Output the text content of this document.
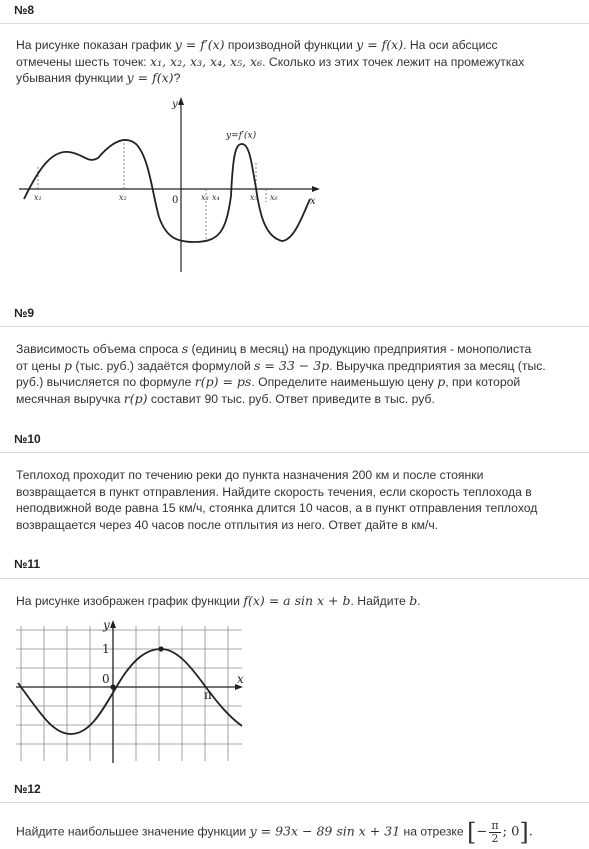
№8
На рисунке показан график y = f′(x) производной функции y = f(x). На оси абсцисс
отмечены шесть точек: x₁, x₂, x₃, x₄, x₅, x₆. Сколько из этих точек лежит на промежутках
убывания функции y = f(x)?
y
x
0
y=f′(x)
x₁	x₂	x₃ x₄	x₅ x₆
№9
Зависимость объема спроса s (единиц в месяц) на продукцию предприятия - монополиста
от цены p (тыс. руб.) задаётся формулой s = 33 − 3p. Выручка предприятия за месяц (тыс.
руб.) вычисляется по формуле r(p) = ps. Определите наименьшую цену p, при которой
месячная выручка r(p) составит 90 тыс. руб. Ответ приведите в тыс. руб.
№10
Теплоход проходит по течению реки до пункта назначения 200 км и после стоянки
возвращается в пункт отправления. Найдите скорость течения, если скорость теплохода в
неподвижной воде равна 15 км/ч, стоянка длится 10 часов, а в пункт отправления теплоход
возвращается через 40 часов после отплытия из него. Ответ дайте в км/ч.
№11
На рисунке изображен график функции f(x) = a sin x + b. Найдите b.
y
x
1
0
π
№12
Найдите наибольшее значение функции y = 93x − 89 sin x + 31 на отрезке [− $\frac{\pi}{2}$ ; 0].
